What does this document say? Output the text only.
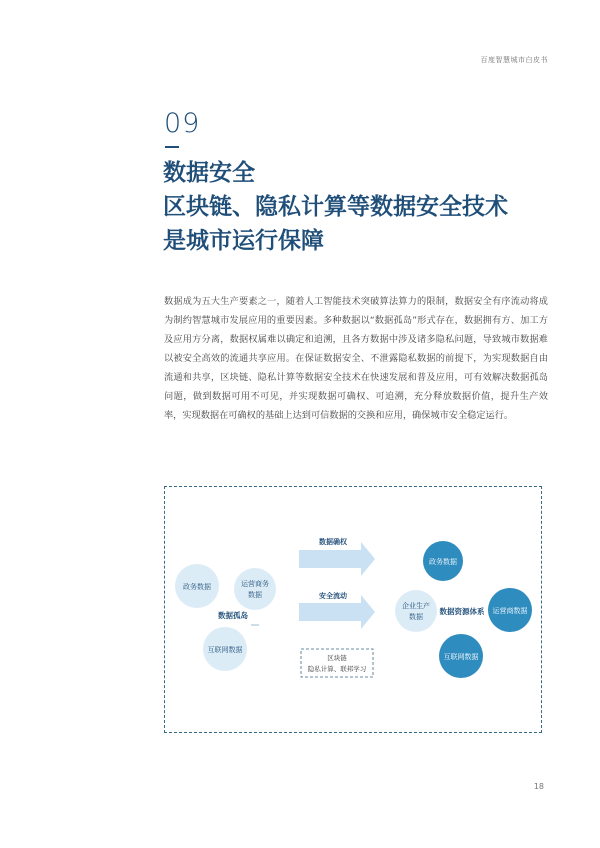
百度智慧城市白皮书
09
数据安全
区块链、隐私计算等数据安全技术
是城市运行保障
数据成为五大生产要素之一，随着人工智能技术突破算法算力的限制，数据安全有序流动将成为制约智慧城市发展应用的重要因素。多种数据以“数据孤岛”形式存在，数据拥有方、加工方及应用方分离，数据权属难以确定和追溯，且各方数据中涉及诸多隐私问题，导致城市数据难以被安全高效的流通共享应用。在保证数据安全、不泄露隐私数据的前提下，为实现数据自由流通和共享，区块链、隐私计算等数据安全技术在快速发展和普及应用，可有效解决数据孤岛问题，做到数据可用不可见，并实现数据可确权、可追溯，充分释放数据价值，提升生产效率，实现数据在可确权的基础上达到可信数据的交换和应用，确保城市安全稳定运行。
政务数据	运营商务
数据
互联网数据
数据孤岛
数据确权
安全流动
区块链
隐私计算、联邦学习
政务数据
企业生产
数据
运营商数据
互联网数据
数据资源体系
18
